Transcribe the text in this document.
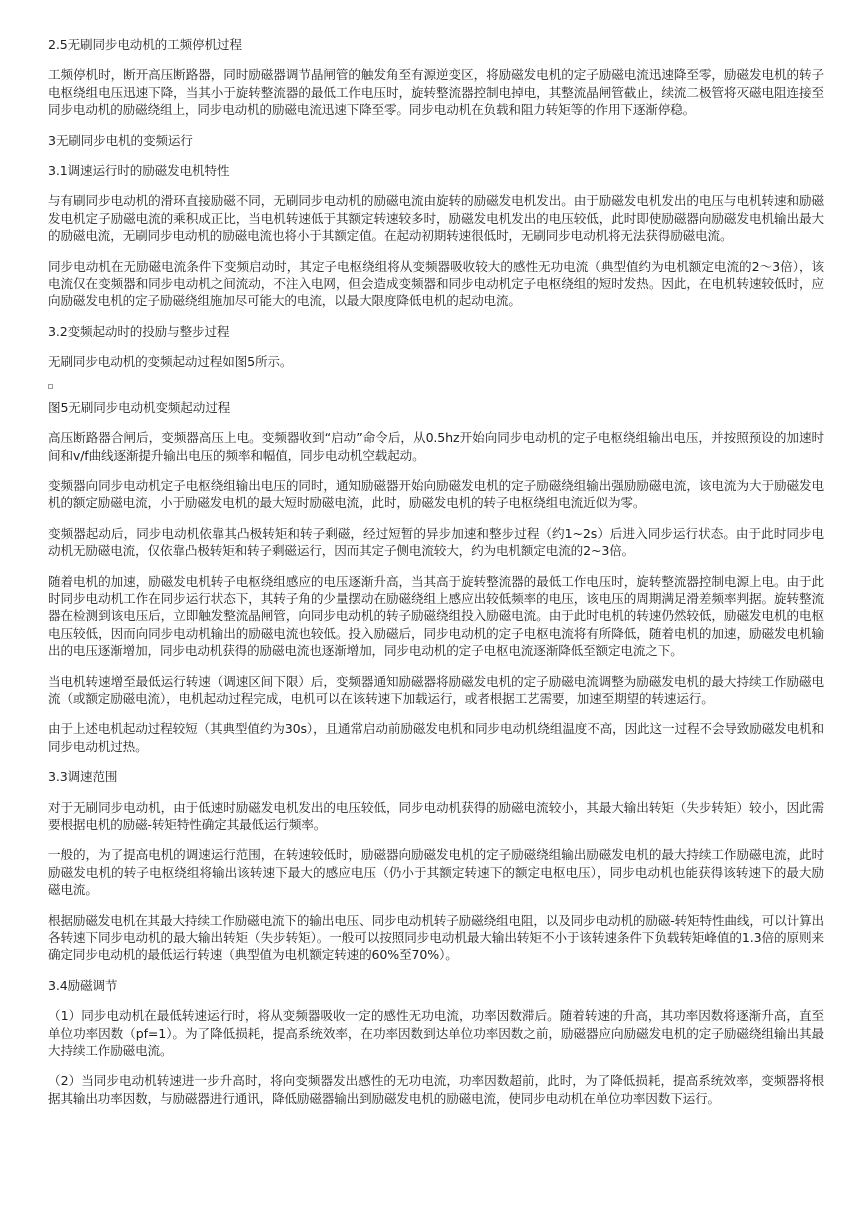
2.5无刷同步电动机的工频停机过程

工频停机时，断开高压断路器，同时励磁器调节晶闸管的触发角至有源逆变区，将励磁发电机的定子励磁电流迅速降至零，励磁发电机的转子电枢绕组电压迅速下降，当其小于旋转整流器的最低工作电压时，旋转整流器控制电掉电，其整流晶闸管截止，续流二极管将灭磁电阻连接至同步电动机的励磁绕组上，同步电动机的励磁电流迅速下降至零。同步电动机在负载和阻力转矩等的作用下逐渐停稳。

3无刷同步电机的变频运行

3.1调速运行时的励磁发电机特性

与有刷同步电动机的滑环直接励磁不同，无刷同步电动机的励磁电流由旋转的励磁发电机发出。由于励磁发电机发出的电压与电机转速和励磁发电机定子励磁电流的乘积成正比，当电机转速低于其额定转速较多时，励磁发电机发出的电压较低，此时即使励磁器向励磁发电机输出最大的励磁电流，无刷同步电动机的励磁电流也将小于其额定值。在起动初期转速很低时，无刷同步电动机将无法获得励磁电流。

同步电动机在无励磁电流条件下变频启动时，其定子电枢绕组将从变频器吸收较大的感性无功电流（典型值约为电机额定电流的2～3倍），该电流仅在变频器和同步电动机之间流动，不注入电网，但会造成变频器和同步电动机定子电枢绕组的短时发热。因此，在电机转速较低时，应向励磁发电机的定子励磁绕组施加尽可能大的电流，以最大限度降低电机的起动电流。

3.2变频起动时的投励与整步过程

无刷同步电动机的变频起动过程如图5所示。

图5无刷同步电动机变频起动过程

高压断路器合闸后，变频器高压上电。变频器收到“启动”命令后，从0.5hz开始向同步电动机的定子电枢绕组输出电压，并按照预设的加速时间和v/f曲线逐渐提升输出电压的频率和幅值，同步电动机空载起动。

变频器向同步电动机定子电枢绕组输出电压的同时，通知励磁器开始向励磁发电机的定子励磁绕组输出强励励磁电流，该电流为大于励磁发电机的额定励磁电流，小于励磁发电机的最大短时励磁电流，此时，励磁发电机的转子电枢绕组电流近似为零。

变频器起动后，同步电动机依靠其凸极转矩和转子剩磁，经过短暂的异步加速和整步过程（约1~2s）后进入同步运行状态。由于此时同步电动机无励磁电流，仅依靠凸极转矩和转子剩磁运行，因而其定子侧电流较大，约为电机额定电流的2~3倍。

随着电机的加速，励磁发电机转子电枢绕组感应的电压逐渐升高，当其高于旋转整流器的最低工作电压时，旋转整流器控制电源上电。由于此时同步电动机工作在同步运行状态下，其转子角的少量摆动在励磁绕组上感应出较低频率的电压，该电压的周期满足滑差频率判据。旋转整流器在检测到该电压后，立即触发整流晶闸管，向同步电动机的转子励磁绕组投入励磁电流。由于此时电机的转速仍然较低，励磁发电机的电枢电压较低，因而向同步电动机输出的励磁电流也较低。投入励磁后，同步电动机的定子电枢电流将有所降低，随着电机的加速，励磁发电机输出的电压逐渐增加，同步电动机获得的励磁电流也逐渐增加，同步电动机的定子电枢电流逐渐降低至额定电流之下。

当电机转速增至最低运行转速（调速区间下限）后，变频器通知励磁器将励磁发电机的定子励磁电流调整为励磁发电机的最大持续工作励磁电流（或额定励磁电流），电机起动过程完成，电机可以在该转速下加载运行，或者根据工艺需要，加速至期望的转速运行。

由于上述电机起动过程较短（其典型值约为30s），且通常启动前励磁发电机和同步电动机绕组温度不高，因此这一过程不会导致励磁发电机和同步电动机过热。

3.3调速范围

对于无刷同步电动机，由于低速时励磁发电机发出的电压较低，同步电动机获得的励磁电流较小，其最大输出转矩（失步转矩）较小，因此需要根据电机的励磁-转矩特性确定其最低运行频率。

一般的，为了提高电机的调速运行范围，在转速较低时，励磁器向励磁发电机的定子励磁绕组输出励磁发电机的最大持续工作励磁电流，此时励磁发电机的转子电枢绕组将输出该转速下最大的感应电压（仍小于其额定转速下的额定电枢电压），同步电动机也能获得该转速下的最大励磁电流。

根据励磁发电机在其最大持续工作励磁电流下的输出电压、同步电动机转子励磁绕组电阻，以及同步电动机的励磁-转矩特性曲线，可以计算出各转速下同步电动机的最大输出转矩（失步转矩）。一般可以按照同步电动机最大输出转矩不小于该转速条件下负载转矩峰值的1.3倍的原则来确定同步电动机的最低运行转速（典型值为电机额定转速的60%至70%）。

3.4励磁调节

（1）同步电动机在最低转速运行时，将从变频器吸收一定的感性无功电流，功率因数滞后。随着转速的升高，其功率因数将逐渐升高，直至单位功率因数（pf=1）。为了降低损耗，提高系统效率，在功率因数到达单位功率因数之前，励磁器应向励磁发电机的定子励磁绕组输出其最大持续工作励磁电流。

（2）当同步电动机转速进一步升高时，将向变频器发出感性的无功电流，功率因数超前，此时，为了降低损耗，提高系统效率，变频器将根据其输出功率因数，与励磁器进行通讯，降低励磁器输出到励磁发电机的励磁电流，使同步电动机在单位功率因数下运行。
